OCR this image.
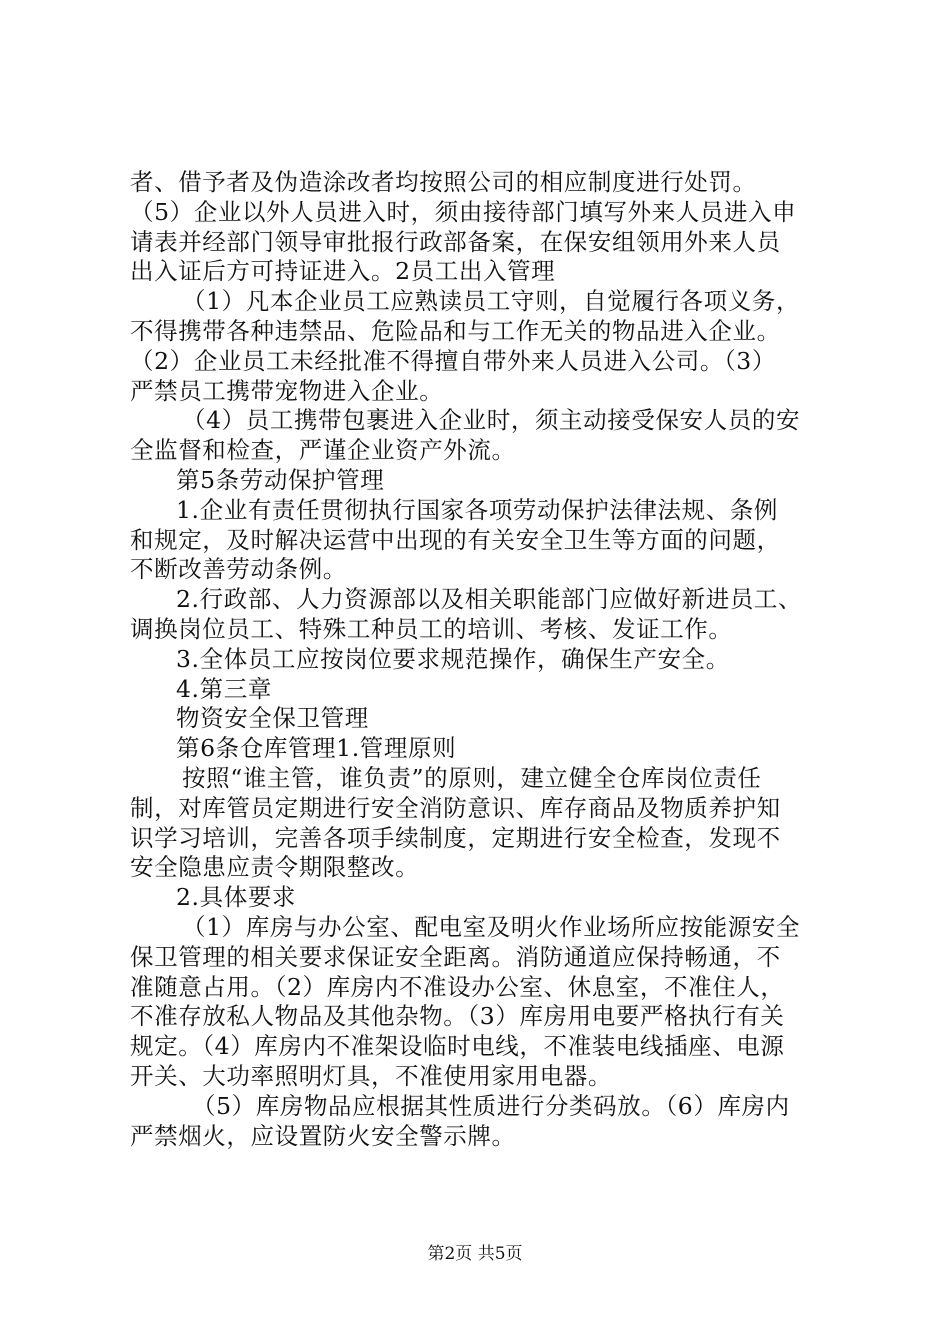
者、借予者及伪造涂改者均按照公司的相应制度进行处罚。
（5）企业以外人员进入时，须由接待部门填写外来人员进入申
请表并经部门领导审批报行政部备案，在保安组领用外来人员
出入证后方可持证进入。2员工出入管理
（1）凡本企业员工应熟读员工守则，自觉履行各项义务，
不得携带各种违禁品、危险品和与工作无关的物品进入企业。
（2）企业员工未经批准不得擅自带外来人员进入公司。（3）
严禁员工携带宠物进入企业。
（4）员工携带包裹进入企业时，须主动接受保安人员的安
全监督和检查，严谨企业资产外流。
第5条劳动保护管理
1.企业有责任贯彻执行国家各项劳动保护法律法规、条例
和规定，及时解决运营中出现的有关安全卫生等方面的问题，
不断改善劳动条例。
2.行政部、人力资源部以及相关职能部门应做好新进员工、
调换岗位员工、特殊工种员工的培训、考核、发证工作。
3.全体员工应按岗位要求规范操作，确保生产安全。
4.第三章
物资安全保卫管理
第6条仓库管理1.管理原则
按照“谁主管，谁负责”的原则，建立健全仓库岗位责任
制，对库管员定期进行安全消防意识、库存商品及物质养护知
识学习培训，完善各项手续制度，定期进行安全检查，发现不
安全隐患应责令期限整改。
2.具体要求
（1）库房与办公室、配电室及明火作业场所应按能源安全
保卫管理的相关要求保证安全距离。消防通道应保持畅通，不
准随意占用。（2）库房内不准设办公室、休息室，不准住人，
不准存放私人物品及其他杂物。（3）库房用电要严格执行有关
规定。（4）库房内不准架设临时电线，不准装电线插座、电源
开关、大功率照明灯具，不准使用家用电器。
（5）库房物品应根据其性质进行分类码放。（6）库房内
严禁烟火，应设置防火安全警示牌。
第2页 共5页
